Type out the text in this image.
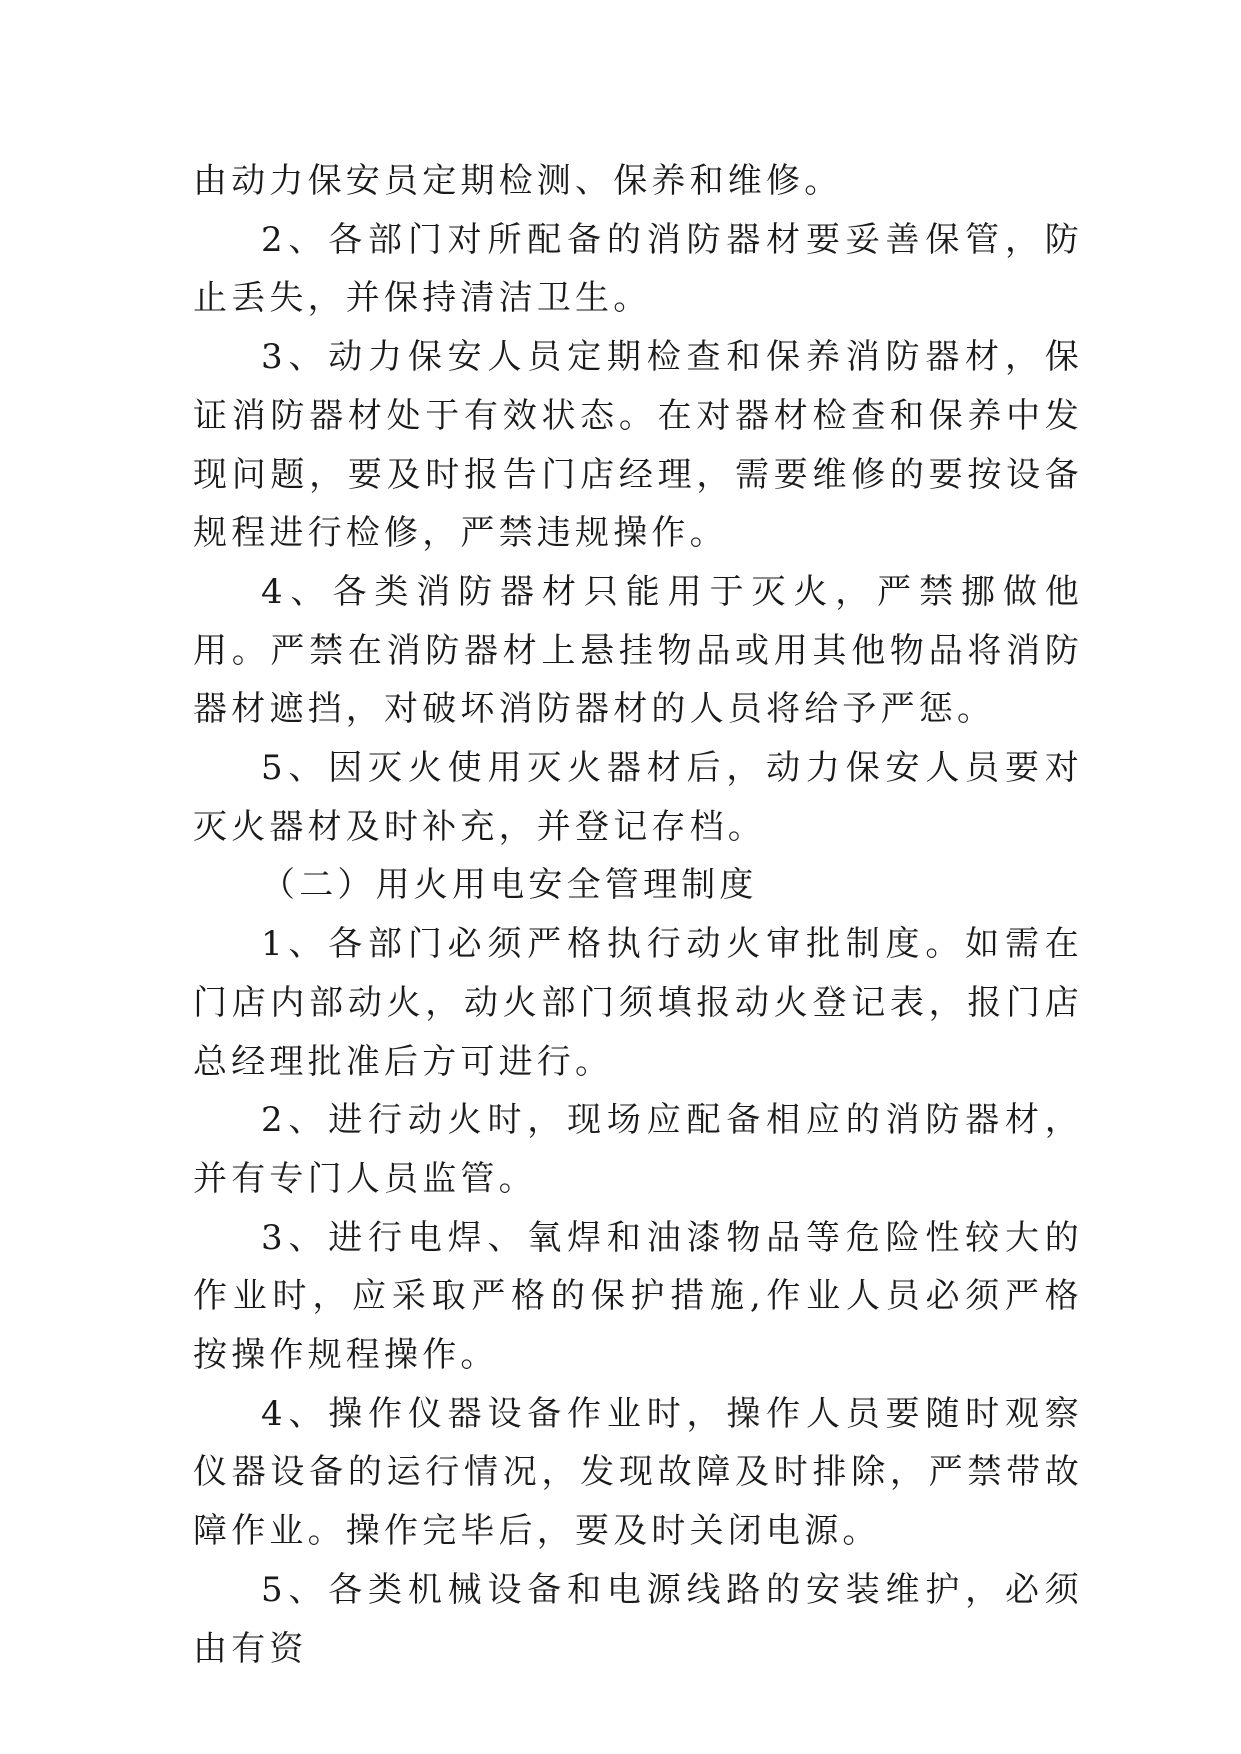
由动力保安员定期检测、保养和维修。

2、各部门对所配备的消防器材要妥善保管，防止丢失，并保持清洁卫生。

3、动力保安人员定期检查和保养消防器材，保证消防器材处于有效状态。在对器材检查和保养中发现问题，要及时报告门店经理，需要维修的要按设备规程进行检修，严禁违规操作。

4、各类消防器材只能用于灭火，严禁挪做他用。严禁在消防器材上悬挂物品或用其他物品将消防器材遮挡，对破坏消防器材的人员将给予严惩。

5、因灭火使用灭火器材后，动力保安人员要对灭火器材及时补充，并登记存档。

（二）用火用电安全管理制度

1、各部门必须严格执行动火审批制度。如需在门店内部动火，动火部门须填报动火登记表，报门店总经理批准后方可进行。

2、进行动火时，现场应配备相应的消防器材，并有专门人员监管。

3、进行电焊、氧焊和油漆物品等危险性较大的作业时，应采取严格的保护措施,作业人员必须严格按操作规程操作。

4、操作仪器设备作业时，操作人员要随时观察仪器设备的运行情况，发现故障及时排除，严禁带故障作业。操作完毕后，要及时关闭电源。

5、各类机械设备和电源线路的安装维护，必须由有资
